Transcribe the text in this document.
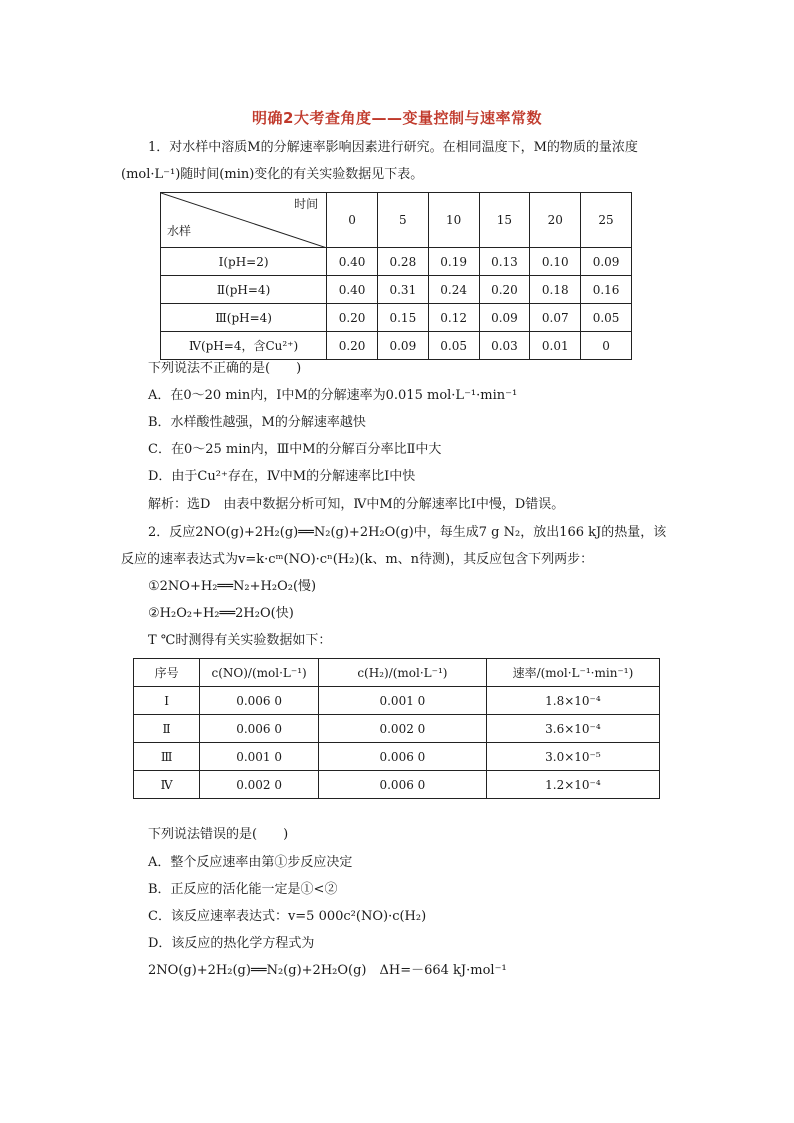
明确2大考查角度——变量控制与速率常数
1．对水样中溶质M的分解速率影响因素进行研究。在相同温度下，M的物质的量浓度
(mol·L⁻¹)随时间(min)变化的有关实验数据见下表。
时间
水样	0	5	10	15	20	25
Ⅰ(pH=2)	0.40	0.28	0.19	0.13	0.10	0.09
Ⅱ(pH=4)	0.40	0.31	0.24	0.20	0.18	0.16
Ⅲ(pH=4)	0.20	0.15	0.12	0.09	0.07	0.05
Ⅳ(pH=4，含Cu²⁺)	0.20	0.09	0.05	0.03	0.01	0
下列说法不正确的是(　　)
A．在0～20 min内，Ⅰ中M的分解速率为0.015 mol·L⁻¹·min⁻¹
B．水样酸性越强，M的分解速率越快
C．在0～25 min内，Ⅲ中M的分解百分率比Ⅱ中大
D．由于Cu²⁺存在，Ⅳ中M的分解速率比Ⅰ中快
解析：选D　由表中数据分析可知，Ⅳ中M的分解速率比Ⅰ中慢，D错误。
2．反应2NO(g)+2H₂(g)══N₂(g)+2H₂O(g)中，每生成7 g N₂，放出166 kJ的热量，该
反应的速率表达式为v=k·cᵐ(NO)·cⁿ(H₂)(k、m、n待测)，其反应包含下列两步：
①2NO+H₂══N₂+H₂O₂(慢)
②H₂O₂+H₂══2H₂O(快)
T ℃时测得有关实验数据如下：
序号	c(NO)/(mol·L⁻¹)	c(H₂)/(mol·L⁻¹)	速率/(mol·L⁻¹·min⁻¹)
Ⅰ	0.006 0	0.001 0	1.8×10⁻⁴
Ⅱ	0.006 0	0.002 0	3.6×10⁻⁴
Ⅲ	0.001 0	0.006 0	3.0×10⁻⁵
Ⅳ	0.002 0	0.006 0	1.2×10⁻⁴
下列说法错误的是(　　)
A．整个反应速率由第①步反应决定
B．正反应的活化能一定是①<②
C．该反应速率表达式：v=5 000c²(NO)·c(H₂)
D．该反应的热化学方程式为
2NO(g)+2H₂(g)══N₂(g)+2H₂O(g)　ΔH=－664 kJ·mol⁻¹
